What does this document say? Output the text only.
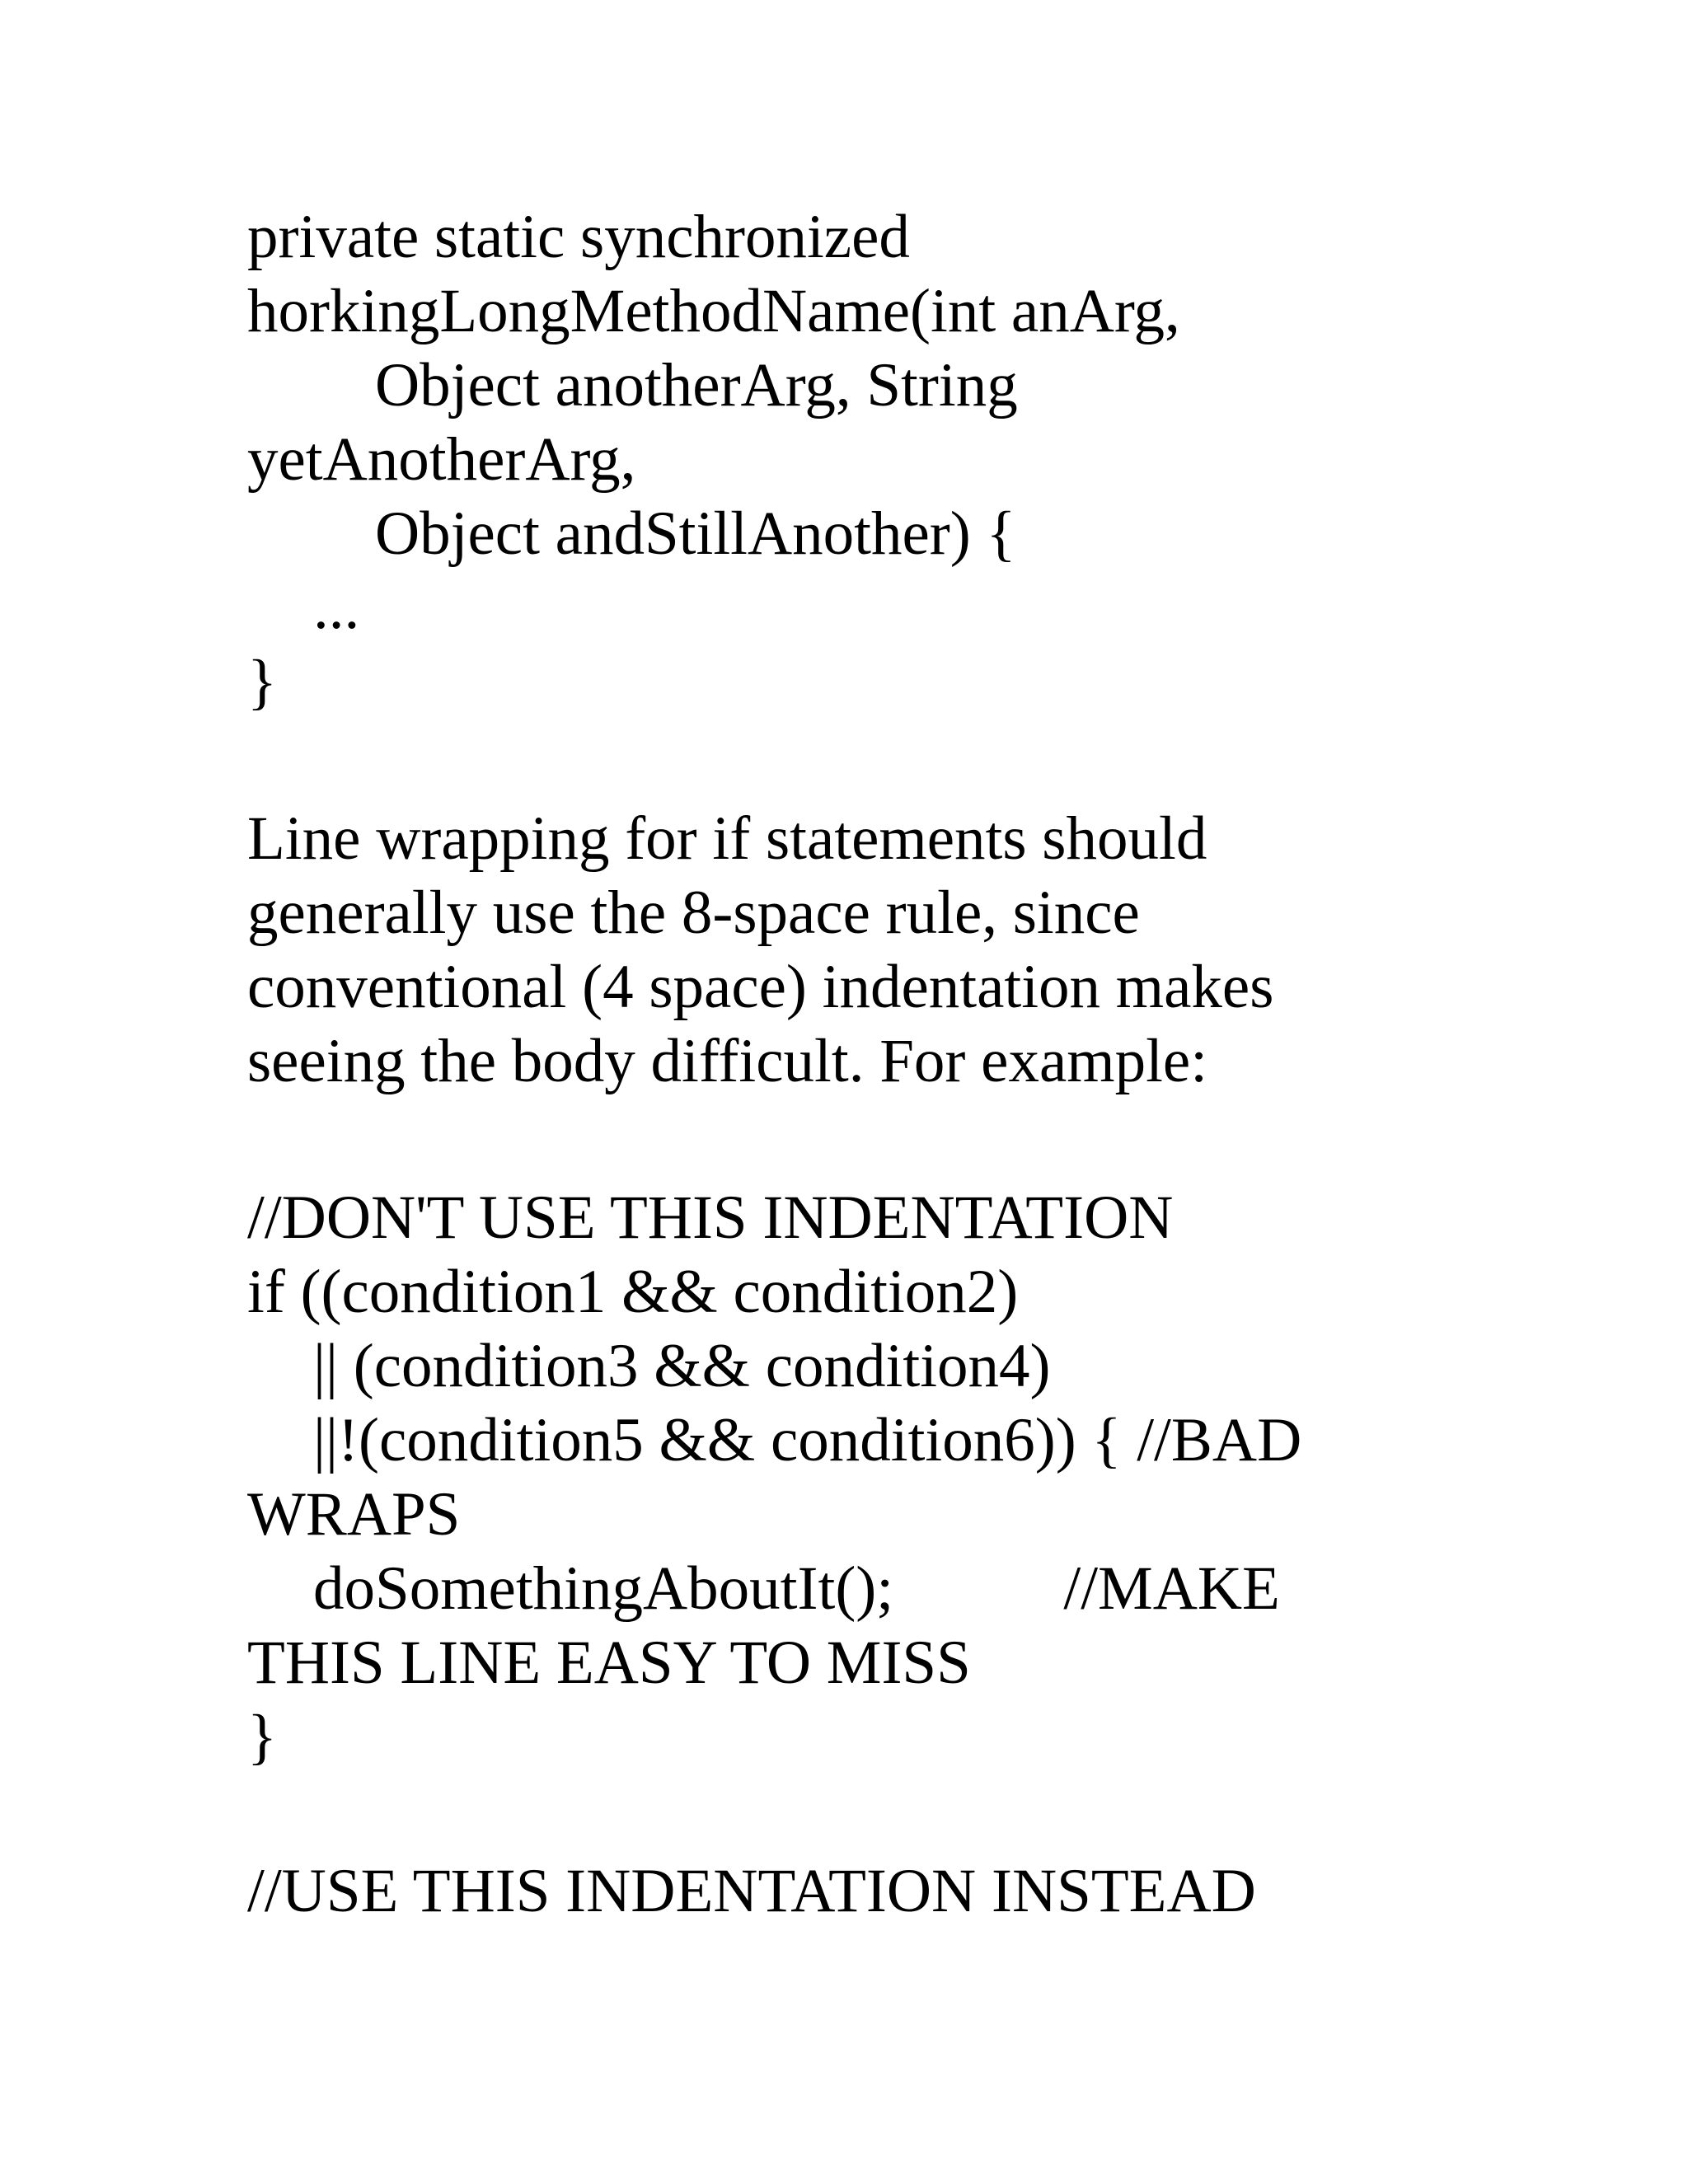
private static synchronized

horkingLongMethodName(int anArg,

Object anotherArg, String

yetAnotherArg,

Object andStillAnother) {

...

}

Line wrapping for if statements should

generally use the 8-space rule, since

conventional (4 space) indentation makes

seeing the body difficult. For example:

//DON'T USE THIS INDENTATION

if ((condition1 && condition2)

|| (condition3 && condition4)

||!(condition5 && condition6)) { //BAD

WRAPS

doSomethingAboutIt();           //MAKE

THIS LINE EASY TO MISS

}

//USE THIS INDENTATION INSTEAD
